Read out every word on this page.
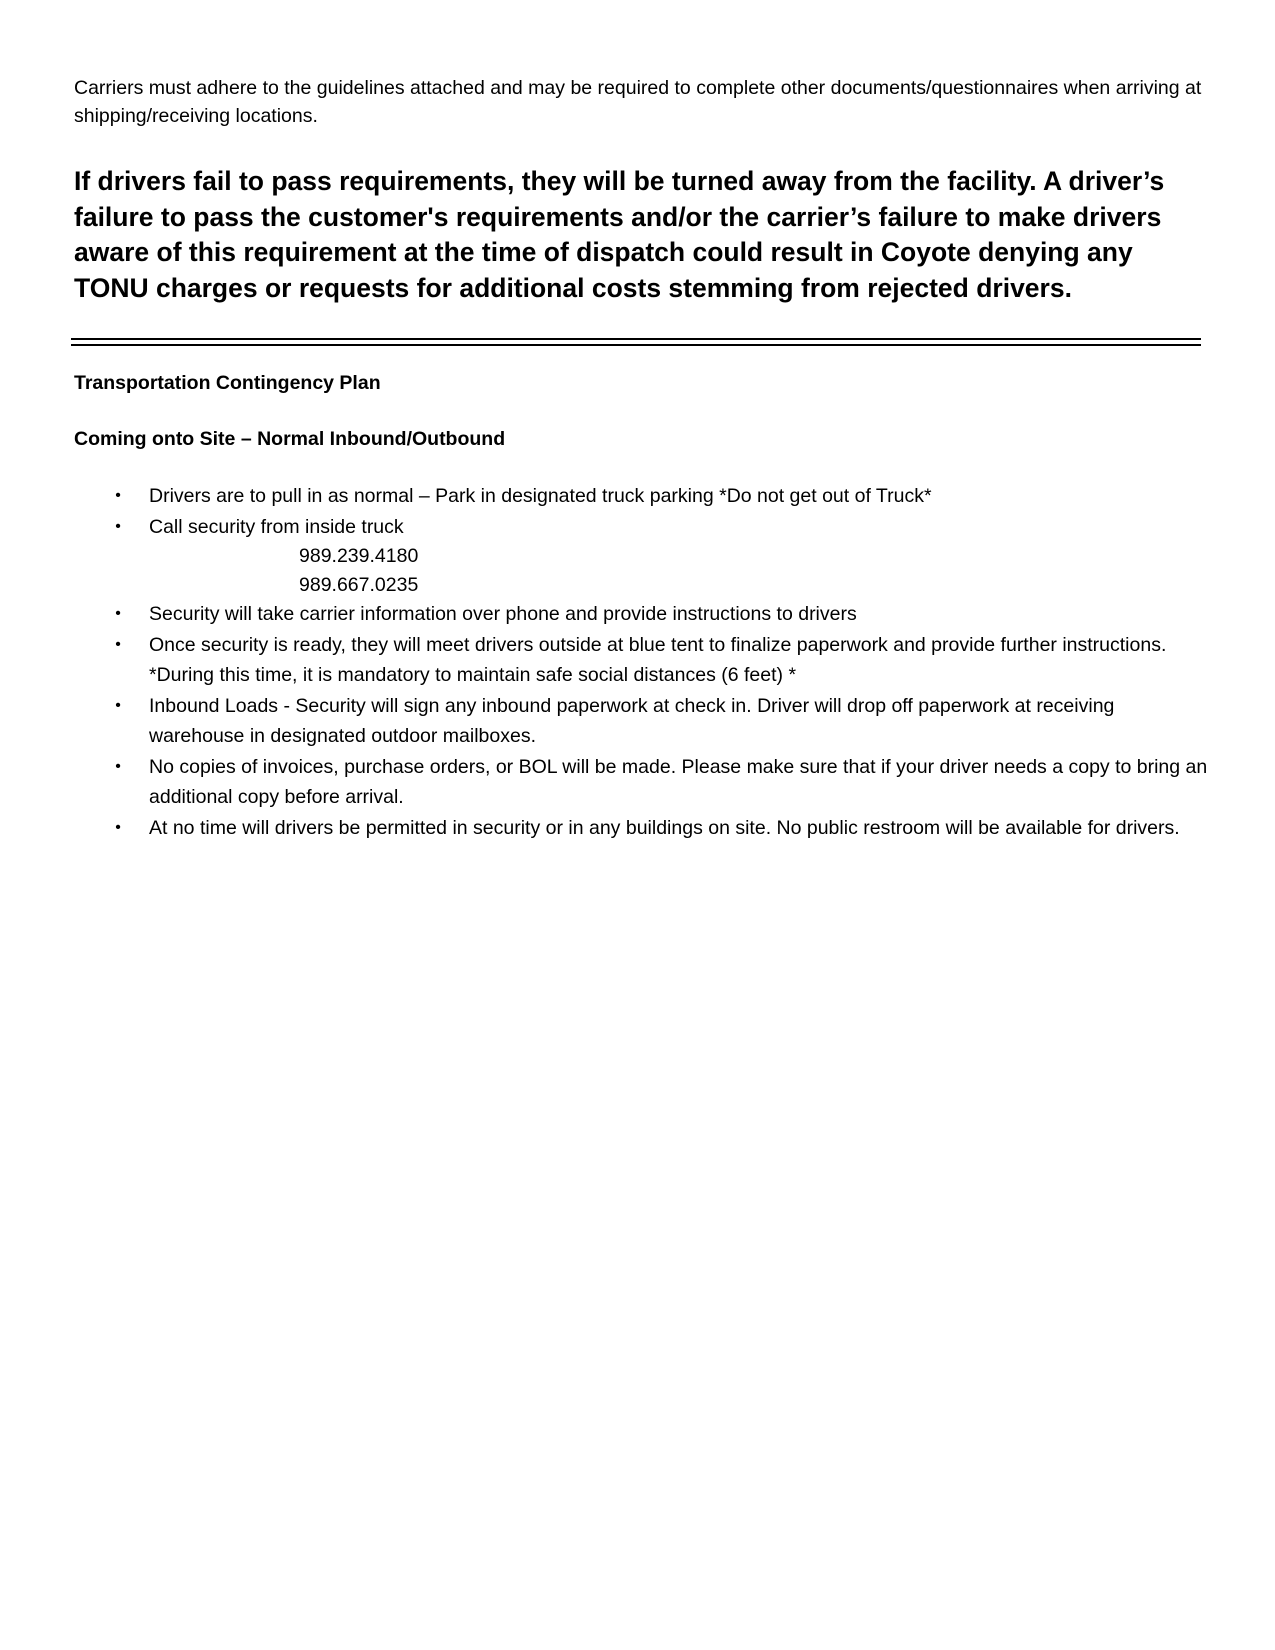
Carriers must adhere to the guidelines attached and may be required to complete other documents/questionnaires when arriving at shipping/receiving locations.

If drivers fail to pass requirements, they will be turned away from the facility. A driver’s failure to pass the customer's requirements and/or the carrier’s failure to make drivers aware of this requirement at the time of dispatch could result in Coyote denying any TONU charges or requests for additional costs stemming from rejected drivers.

Transportation Contingency Plan

Coming onto Site – Normal Inbound/Outbound

• Drivers are to pull in as normal – Park in designated truck parking *Do not get out of Truck*
• Call security from inside truck
989.239.4180
989.667.0235
• Security will take carrier information over phone and provide instructions to drivers
• Once security is ready, they will meet drivers outside at blue tent to finalize paperwork and provide further instructions. *During this time, it is mandatory to maintain safe social distances (6 feet) *
• Inbound Loads - Security will sign any inbound paperwork at check in. Driver will drop off paperwork at receiving warehouse in designated outdoor mailboxes.
• No copies of invoices, purchase orders, or BOL will be made. Please make sure that if your driver needs a copy to bring an additional copy before arrival.
• At no time will drivers be permitted in security or in any buildings on site. No public restroom will be available for drivers.
